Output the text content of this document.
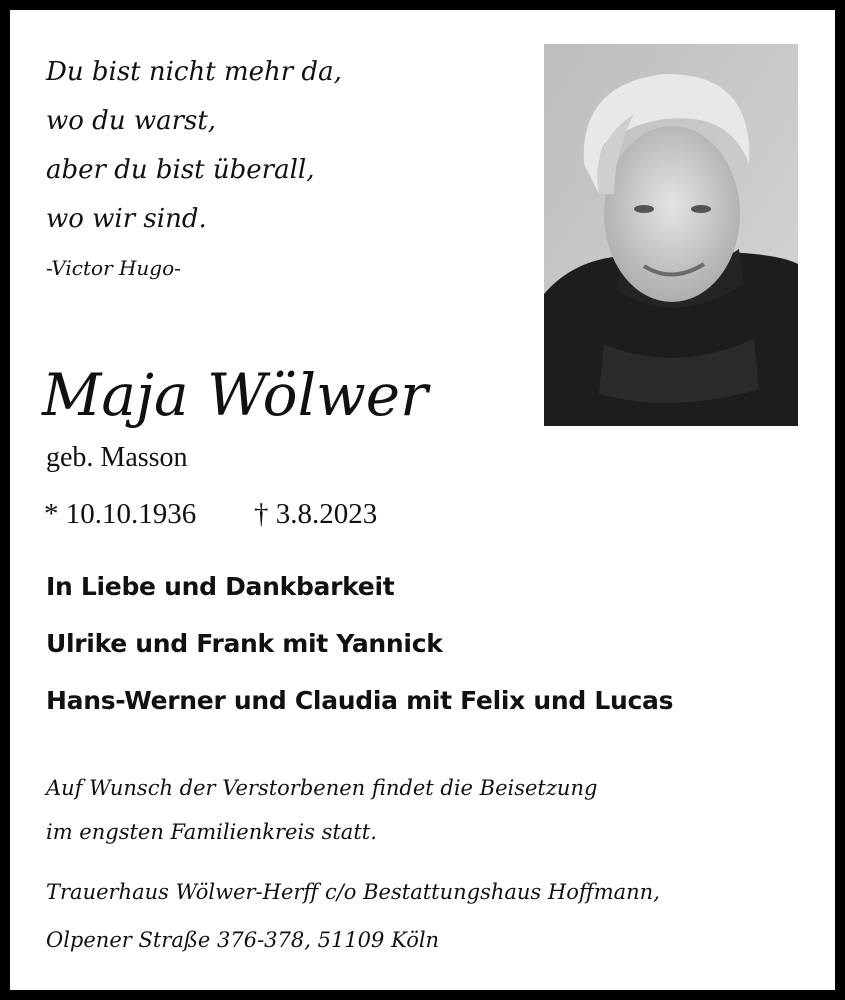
Du bist nicht mehr da,
wo du warst,
aber du bist überall,
wo wir sind.
-Victor Hugo-
Maja Wölwer
geb. Masson
* 10.10.1936 † 3.8.2023
In Liebe und Dankbarkeit
Ulrike und Frank mit Yannick
Hans-Werner und Claudia mit Felix und Lucas
Auf Wunsch der Verstorbenen findet die Beisetzung
im engsten Familienkreis statt.
Trauerhaus Wölwer-Herff c/o Bestattungshaus Hoffmann,
Olpener Straße 376-378, 51109 Köln
